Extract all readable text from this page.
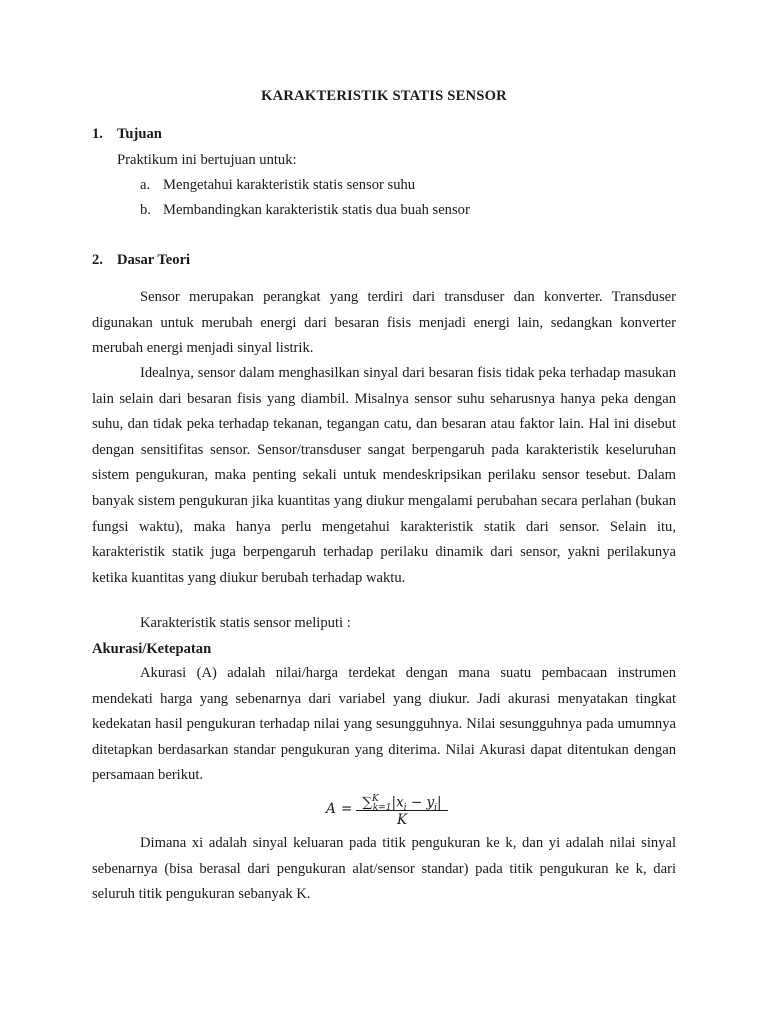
KARAKTERISTIK STATIS SENSOR
1. Tujuan
Praktikum ini bertujuan untuk:
a. Mengetahui karakteristik statis sensor suhu
b. Membandingkan karakteristik statis dua buah sensor
2. Dasar Teori

Sensor merupakan perangkat yang terdiri dari transduser dan konverter. Transduser digunakan untuk merubah energi dari besaran fisis menjadi energi lain, sedangkan konverter merubah energi menjadi sinyal listrik.

Idealnya, sensor dalam menghasilkan sinyal dari besaran fisis tidak peka terhadap masukan lain selain dari besaran fisis yang diambil. Misalnya sensor suhu seharusnya hanya peka dengan suhu, dan tidak peka terhadap tekanan, tegangan catu, dan besaran atau faktor lain. Hal ini disebut dengan sensitifitas sensor. Sensor/transduser sangat berpengaruh pada karakteristik keseluruhan sistem pengukuran, maka penting sekali untuk mendeskripsikan perilaku sensor tesebut. Dalam banyak sistem pengukuran jika kuantitas yang diukur mengalami perubahan secara perlahan (bukan fungsi waktu), maka hanya perlu mengetahui karakteristik statik dari sensor. Selain itu, karakteristik statik juga berpengaruh terhadap perilaku dinamik dari sensor, yakni perilakunya ketika kuantitas yang diukur berubah terhadap waktu.

Karakteristik statis sensor meliputi :

Akurasi/Ketepatan

Akurasi (A) adalah nilai/harga terdekat dengan mana suatu pembacaan instrumen mendekati harga yang sebenarnya dari variabel yang diukur. Jadi akurasi menyatakan tingkat kedekatan hasil pengukuran terhadap nilai yang sesungguhnya. Nilai sesungguhnya pada umumnya ditetapkan berdasarkan standar pengukuran yang diterima. Nilai Akurasi dapat ditentukan dengan persamaan berikut.

$A = \sum^K_{k=1}|x_i - y_i|$
K

Dimana xi adalah sinyal keluaran pada titik pengukuran ke k, dan yi adalah nilai sinyal sebenarnya (bisa berasal dari pengukuran alat/sensor standar) pada titik pengukuran ke k, dari seluruh titik pengukuran sebanyak K.
